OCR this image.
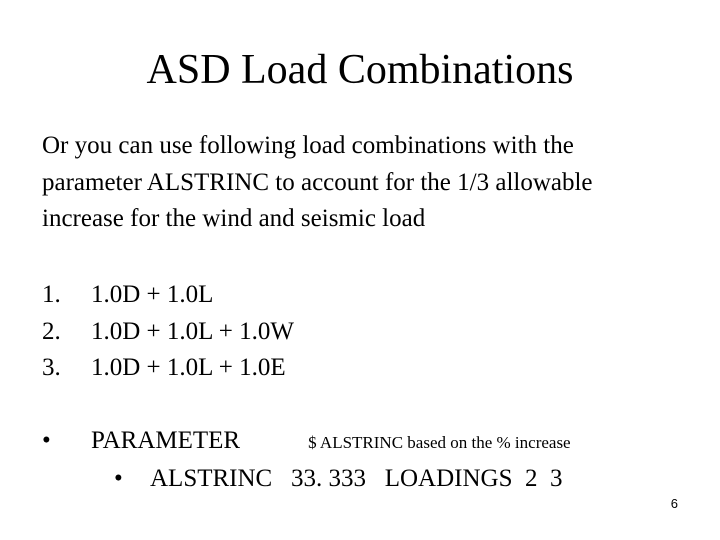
ASD Load Combinations
Or you can use following load combinations with the
parameter ALSTRINC to account for the 1/3 allowable
increase for the wind and seismic load
1.	1.0D + 1.0L
2.	1.0D + 1.0L + 1.0W
3.	1.0D + 1.0L + 1.0E
•	PARAMETER	$ ALSTRINC based on the % increase
•	ALSTRINC   33. 333   LOADINGS  2  3
6
